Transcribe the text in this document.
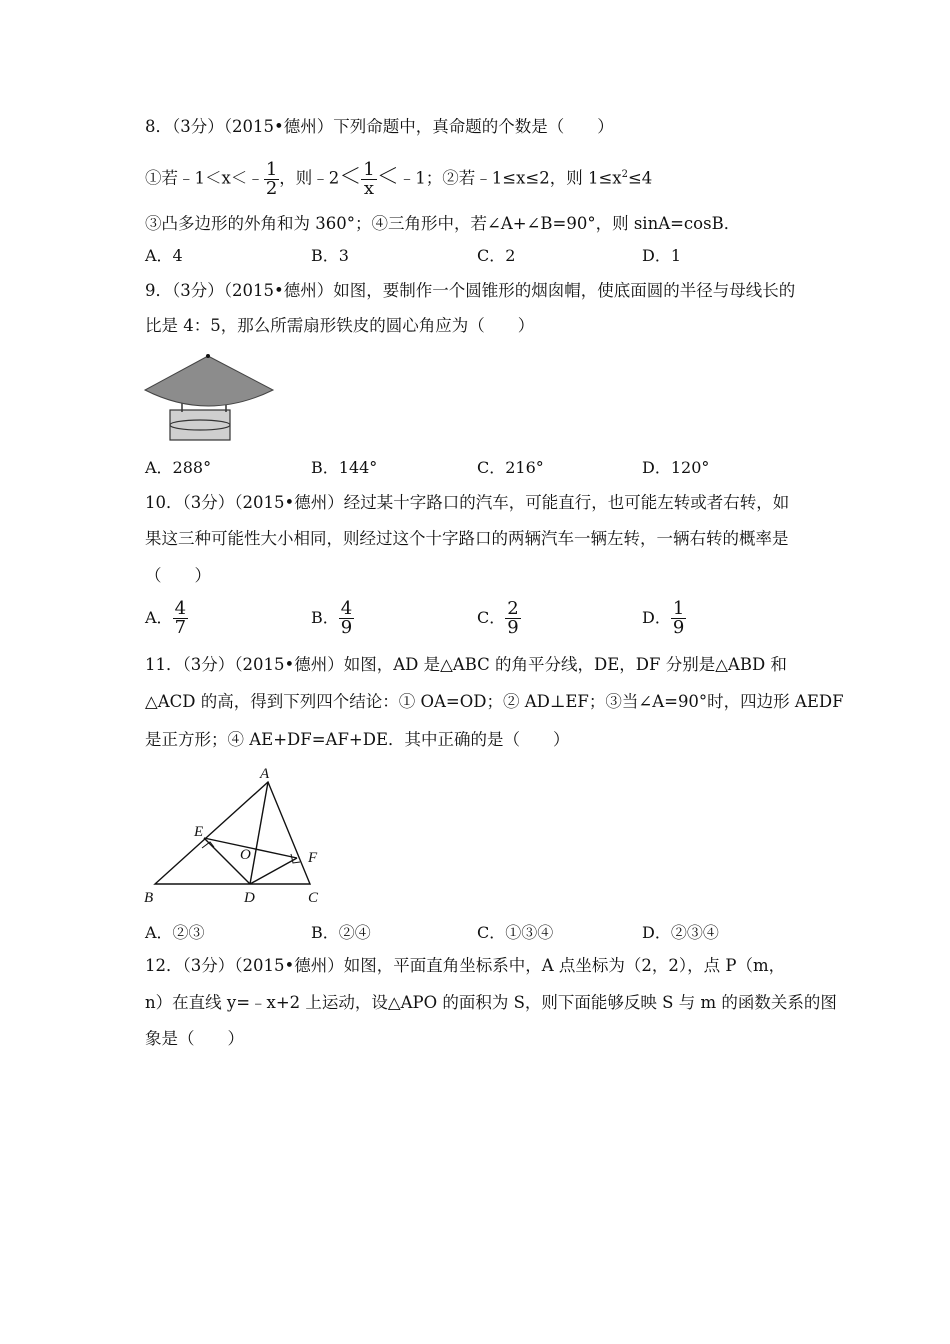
8．（3分）（2015•德州）下列命题中，真命题的个数是（　　）
①若﹣1＜x＜﹣ $\frac{1}{2}$ ，则﹣2＜ $\frac{1}{x}$ ＜﹣1；②若﹣1≤x≤2，则 $1\le x^2\le 4$
③凸多边形的外角和为 360°；④三角形中，若∠A+∠B=90°，则 sinA=cosB．
A．4	B．3	C．2	D．1
9．（3分）（2015•德州）如图，要制作一个圆锥形的烟囱帽，使底面圆的半径与母线长的
比是 4：5，那么所需扇形铁皮的圆心角应为（　　）
A．288°	B．144°	C．216°	D．120°
10．（3分）（2015•德州）经过某十字路口的汽车，可能直行，也可能左转或者右转，如
果这三种可能性大小相同，则经过这个十字路口的两辆汽车一辆左转，一辆右转的概率是
（　　）
A． $\frac{4}{7}$	B． $\frac{4}{9}$	C． $\frac{2}{9}$	D． $\frac{1}{9}$
11．（3分）（2015•德州）如图，AD 是△ABC 的角平分线，DE，DF 分别是△ABD 和
△ACD 的高，得到下列四个结论：① OA=OD；② AD⊥EF；③当∠A=90°时，四边形 AEDF
是正方形；④ AE+DF=AF+DE．其中正确的是（　　）
A
B	C
D
E
F
O
A．②③	B．②④	C．①③④	D．②③④
12．（3分）（2015•德州）如图，平面直角坐标系中，A 点坐标为（2，2），点 P（m，
n）在直线 y=﹣x+2 上运动，设△APO 的面积为 S，则下面能够反映 S 与 m 的函数关系的图
象是（　　）
